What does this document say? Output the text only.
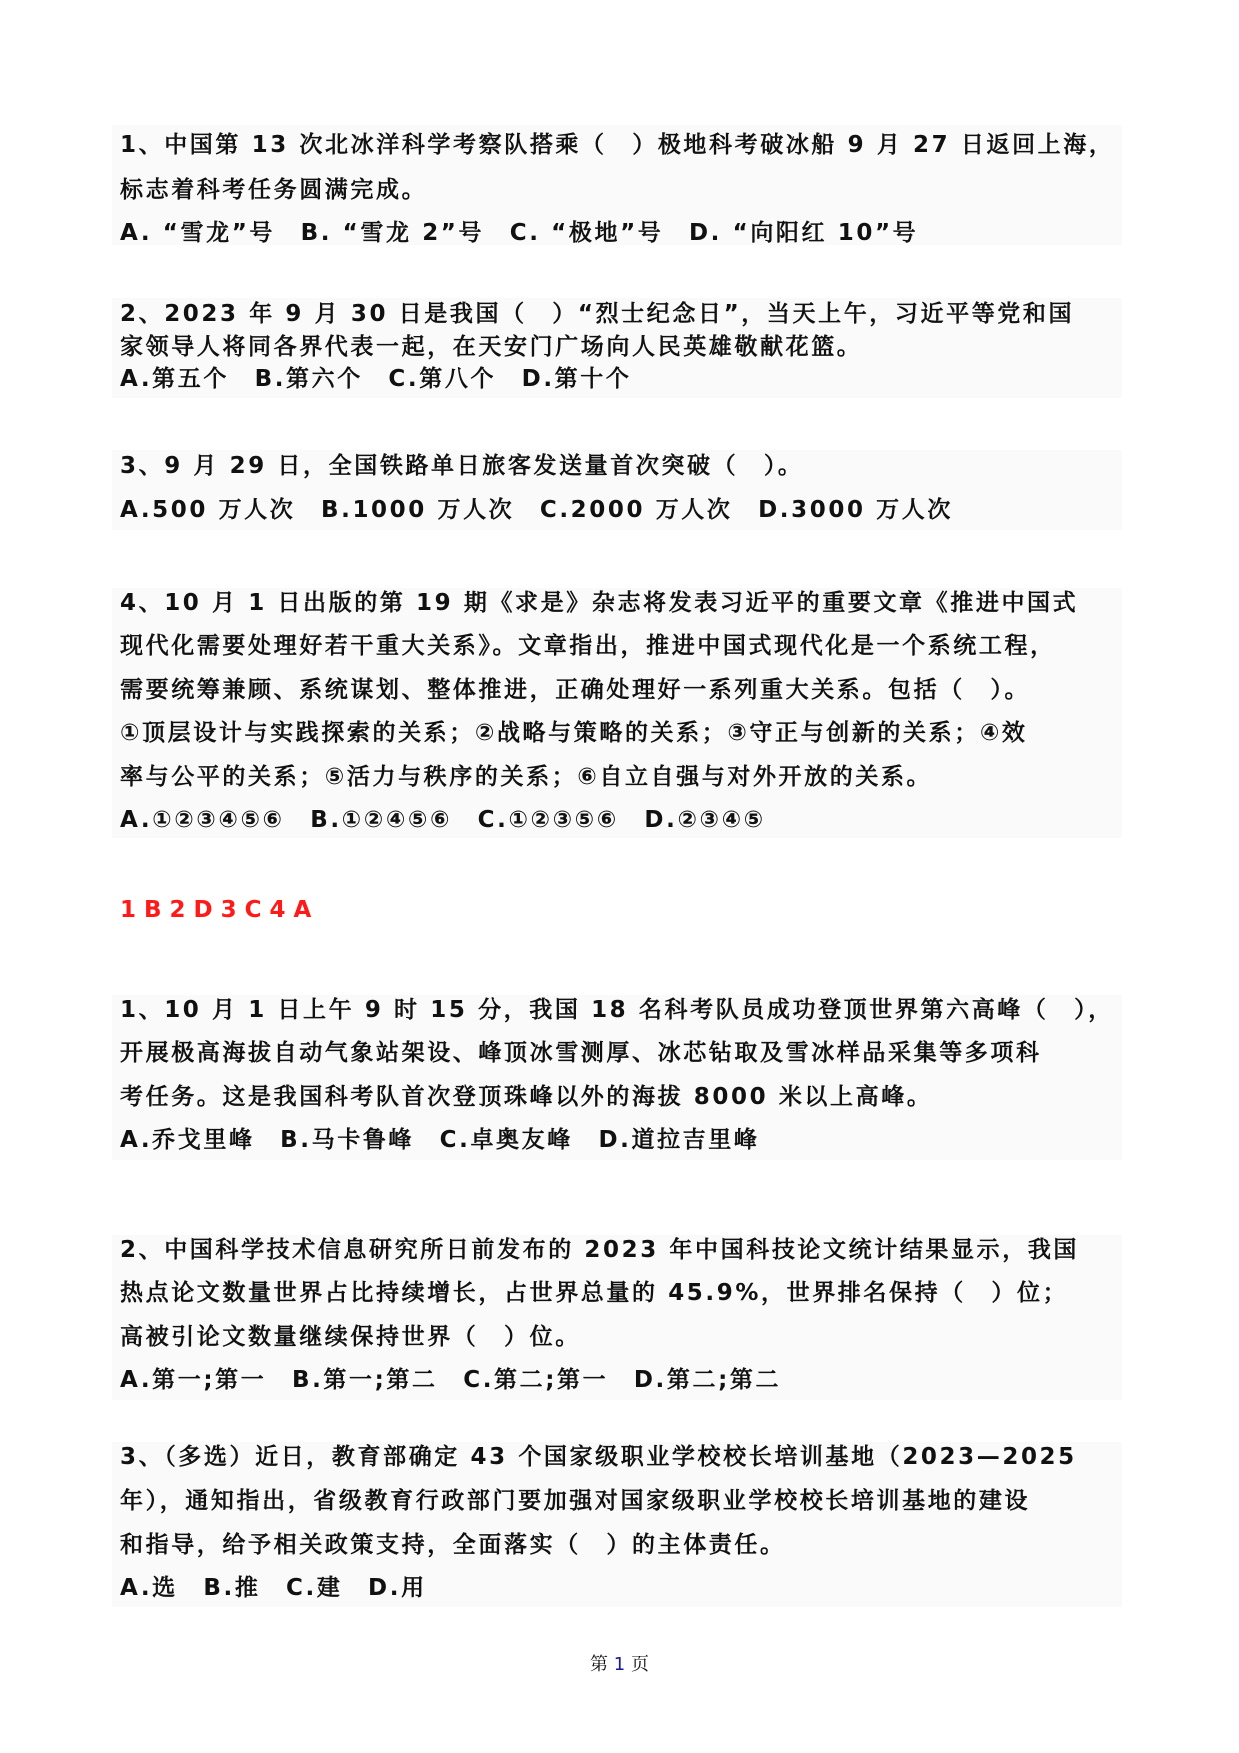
1、中国第 13 次北冰洋科学考察队搭乘（　）极地科考破冰船 9 月 27 日返回上海，
标志着科考任务圆满完成。
A. “雪龙”号　B. “雪龙 2”号　C. “极地”号　D. “向阳红 10”号
2、2023 年 9 月 30 日是我国（　）“烈士纪念日”，当天上午，习近平等党和国
家领导人将同各界代表一起，在天安门广场向人民英雄敬献花篮。
A.第五个　B.第六个　C.第八个　D.第十个
3、9 月 29 日，全国铁路单日旅客发送量首次突破（　）。
A.500 万人次　B.1000 万人次　C.2000 万人次　D.3000 万人次
4、10 月 1 日出版的第 19 期《求是》杂志将发表习近平的重要文章《推进中国式
现代化需要处理好若干重大关系》。文章指出，推进中国式现代化是一个系统工程，
需要统筹兼顾、系统谋划、整体推进，正确处理好一系列重大关系。包括（　）。
①顶层设计与实践探索的关系；②战略与策略的关系；③守正与创新的关系；④效
率与公平的关系；⑤活力与秩序的关系；⑥自立自强与对外开放的关系。
A.①②③④⑤⑥　B.①②④⑤⑥　C.①②③⑤⑥　D.②③④⑤
1B2D3C4A
1、10 月 1 日上午 9 时 15 分，我国 18 名科考队员成功登顶世界第六高峰（　），
开展极高海拔自动气象站架设、峰顶冰雪测厚、冰芯钻取及雪冰样品采集等多项科
考任务。这是我国科考队首次登顶珠峰以外的海拔 8000 米以上高峰。
A.乔戈里峰　B.马卡鲁峰　C.卓奥友峰　D.道拉吉里峰
2、中国科学技术信息研究所日前发布的 2023 年中国科技论文统计结果显示，我国
热点论文数量世界占比持续增长，占世界总量的 45.9%，世界排名保持（　）位；
高被引论文数量继续保持世界（　）位。
A.第一;第一　B.第一;第二　C.第二;第一　D.第二;第二
3、（多选）近日，教育部确定 43 个国家级职业学校校长培训基地（2023—2025
年），通知指出，省级教育行政部门要加强对国家级职业学校校长培训基地的建设
和指导，给予相关政策支持，全面落实（　）的主体责任。
A.选　B.推　C.建　D.用
第 1 页
